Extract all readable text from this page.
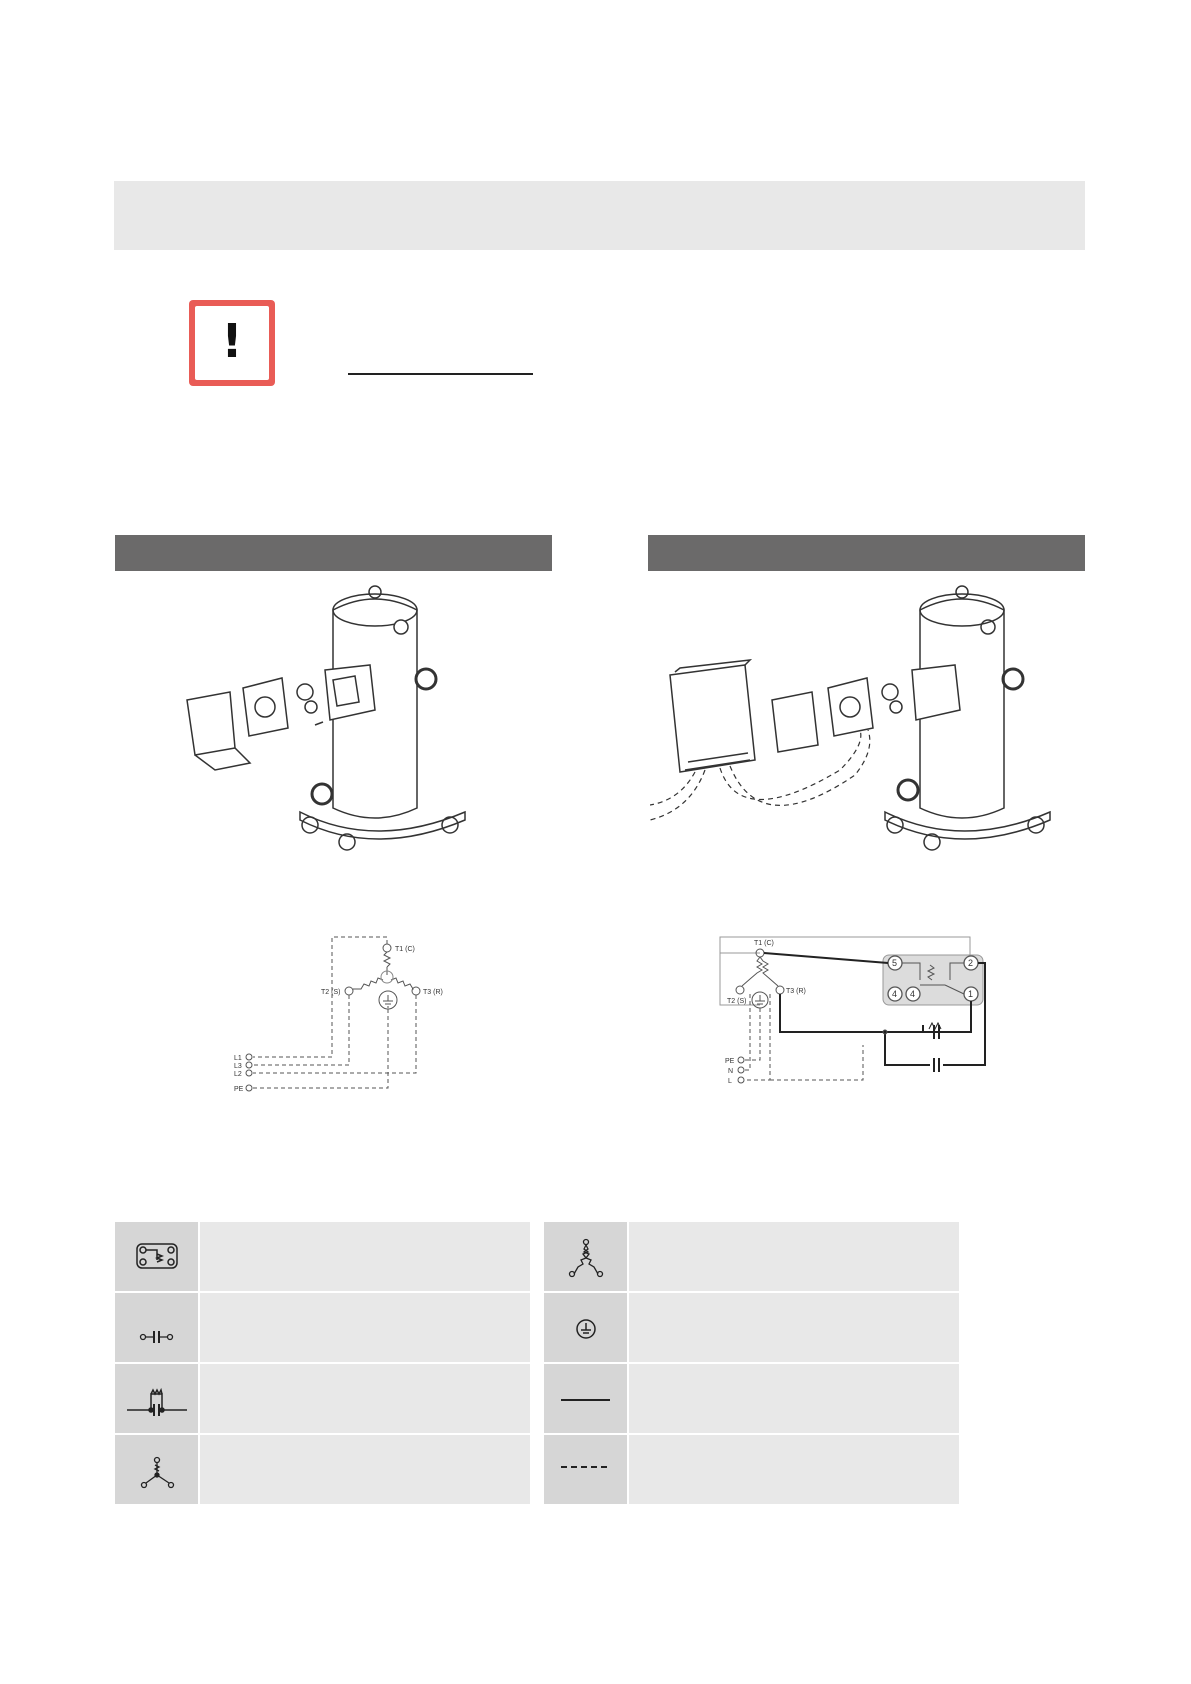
!
T1 (C)
T2 (S)	T3 (R)
L1
L3
L2
PE
T1 (C)
T2 (S)
T3 (R)
5	2
4 4	1
PE
N
L
